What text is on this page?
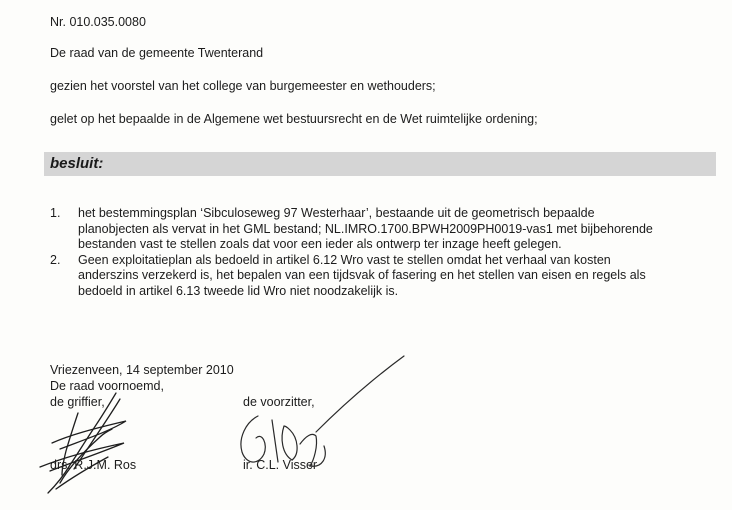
Nr. 010.035.0080
De raad van de gemeente Twenterand
gezien het voorstel van het college van burgemeester en wethouders;
gelet op het bepaalde in de Algemene wet bestuursrecht en de Wet ruimtelijke ordening;
besluit:
1. het bestemmingsplan ‘Sibculoseweg 97 Westerhaar’, bestaande uit de geometrisch bepaalde
planobjecten als vervat in het GML bestand; NL.IMRO.1700.BPWH2009PH0019-vas1 met bijbehorende
bestanden vast te stellen zoals dat voor een ieder als ontwerp ter inzage heeft gelegen.
2. Geen exploitatieplan als bedoeld in artikel 6.12 Wro vast te stellen omdat het verhaal van kosten
anderszins verzekerd is, het bepalen van een tijdsvak of fasering en het stellen van eisen en regels als
bedoeld in artikel 6.13 tweede lid Wro niet noodzakelijk is.
Vriezenveen, 14 september 2010
De raad voornoemd,
de griffier,	de voorzitter,
drs. R.J.M. Ros	ir. C.L. Visser
